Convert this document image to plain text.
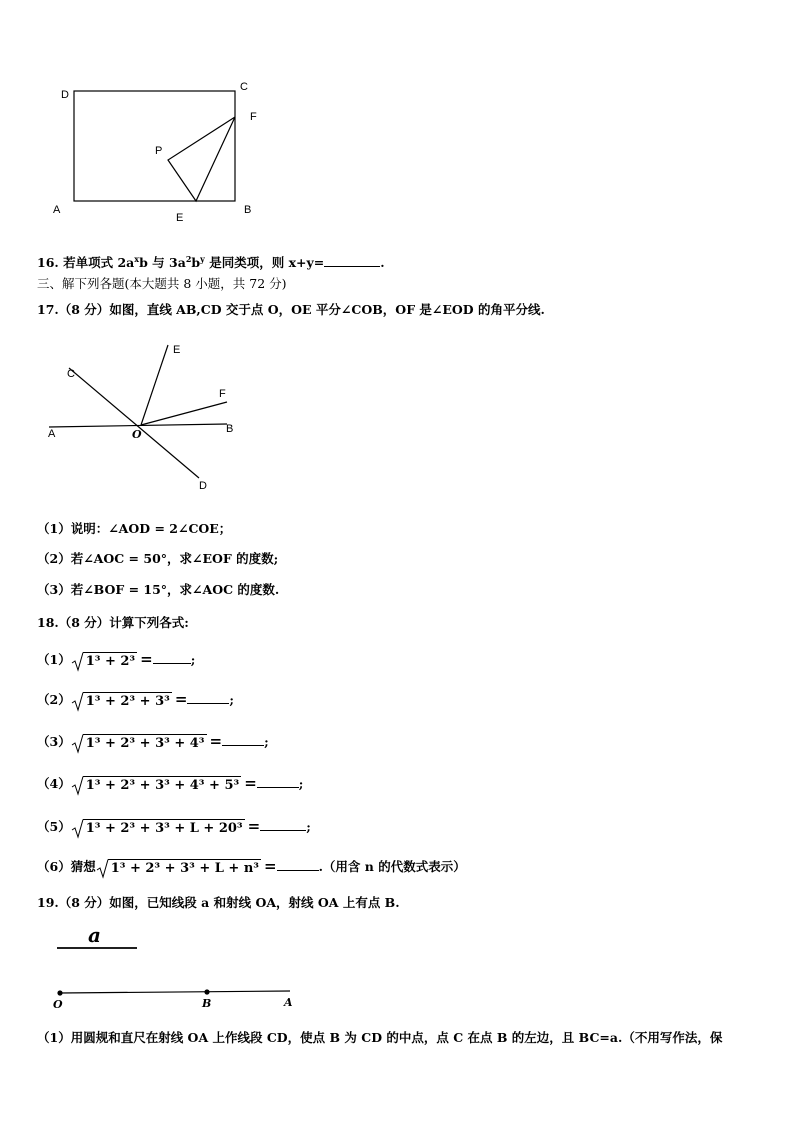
D
C
F
P
A
E
B
16. 若单项式 $2a^xb$ 与 $3a^2b^y$ 是同类项，则 x+y=	.
三、解下列各题(本大题共 8 小题，共 72 分)
17.（8 分）如图，直线 AB,CD 交于点 O，OE 平分∠COB，OF 是∠EOD 的角平分线.
C
E
F
A	O	B
D
（1）说明：∠AOD = 2∠COE；
（2）若∠AOC = 50°，求∠EOF 的度数;
（3）若∠BOF = 15°，求∠AOC 的度数.
18.（8 分）计算下列各式:
（1） 1³ + 2³ =	;
（2） 1³ + 2³ + 3³ =	;
（3） 1³ + 2³ + 3³ + 4³ =	;
（4） 1³ + 2³ + 3³ + 4³ + 5³ =	;
（5） 1³ + 2³ + 3³ + L + 20³ =	;
（6）猜想 1³ + 2³ + 3³ + L + n³ =	.（用含 n 的代数式表示）
19.（8 分）如图，已知线段 a 和射线 OA，射线 OA 上有点 B.
a
O	B	A
（1）用圆规和直尺在射线 OA 上作线段 CD，使点 B 为 CD 的中点，点 C 在点 B 的左边，且 BC=a.（不用写作法，保
